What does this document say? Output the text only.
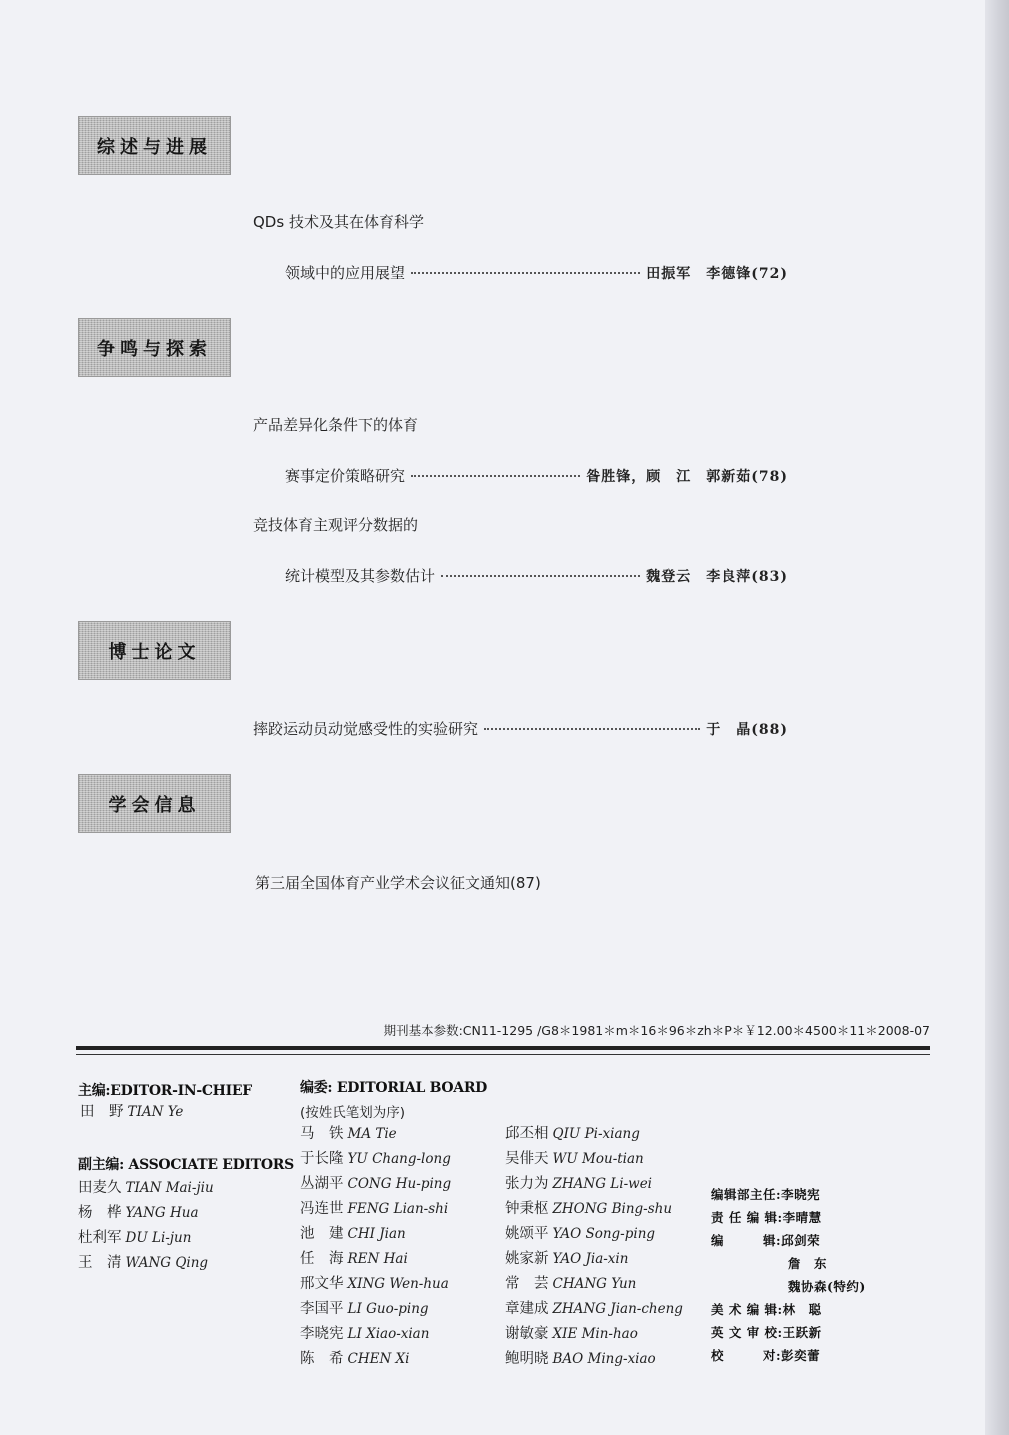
综述与进展
QDs 技术及其在体育科学
领域中的应用展望	田振军　李德锋(72)
争鸣与探索
产品差异化条件下的体育
赛事定价策略研究	昝胜锋，顾　江　郭新茹(78)
竞技体育主观评分数据的
统计模型及其参数估计	魏登云　李良萍(83)
博士论文
摔跤运动员动觉感受性的实验研究	于　晶(88)
学会信息
第三届全国体育产业学术会议征文通知(87)
期刊基本参数:CN11-1295 /G8＊1981＊m＊16＊96＊zh＊P＊￥12.00＊4500＊11＊2008-07
主编:EDITOR-IN-CHIEF
田　野 TIAN Ye
副主编: ASSOCIATE EDITORS
田麦久 TIAN Mai-jiu
杨　桦 YANG Hua
杜利军 DU Li-jun
王　清 WANG Qing
编委: EDITORIAL BOARD
(按姓氏笔划为序)
马　铁 MA Tie
于长隆 YU Chang-long
丛湖平 CONG Hu-ping
冯连世 FENG Lian-shi
池　建 CHI Jian
任　海 REN Hai
邢文华 XING Wen-hua
李国平 LI Guo-ping
李晓宪 LI Xiao-xian
陈　希 CHEN Xi
邱丕相 QIU Pi-xiang
吴俳天 WU Mou-tian
张力为 ZHANG Li-wei
钟秉枢 ZHONG Bing-shu
姚颂平 YAO Song-ping
姚家新 YAO Jia-xin
常　芸 CHANG Yun
章建成 ZHANG Jian-cheng
谢敏豪 XIE Min-hao
鲍明晓 BAO Ming-xiao
编辑部主任:李晓宪
责 任 编 辑:李晴慧
编　　　辑:邱剑荣
詹　东
魏协森(特约)
美 术 编 辑:林　聪
英 文 审 校:王跃新
校　　　对:彭奕蕾
